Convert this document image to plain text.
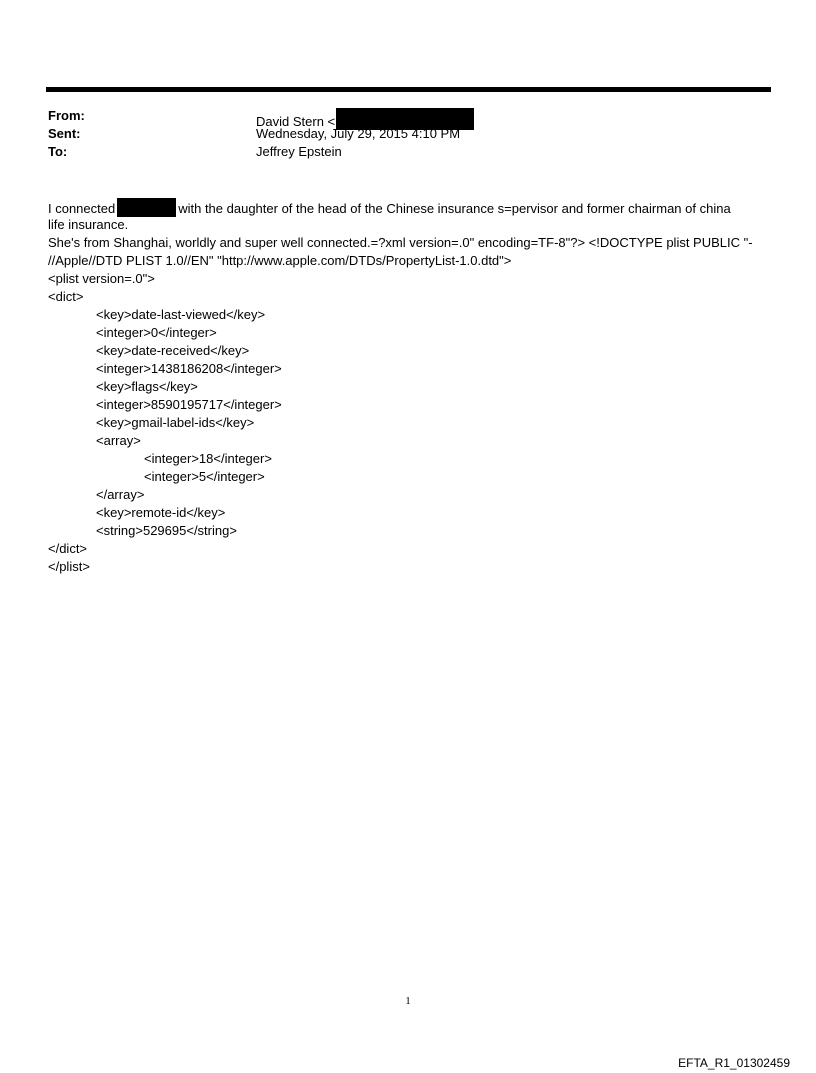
From:	David Stern <
Sent:	Wednesday, July 29, 2015 4:10 PM
To:	Jeffrey Epstein
I connected	with the daughter of the head of the Chinese insurance s=pervisor and former chairman of china
life insurance.
She's from Shanghai, worldly and super well connected.=?xml version=.0" encoding=TF-8"?> <!DOCTYPE plist PUBLIC "-
//Apple//DTD PLIST 1.0//EN" "http://www.apple.com/DTDs/PropertyList-1.0.dtd">
<plist version=.0">
<dict>
<key>date-last-viewed</key>
<integer>0</integer>
<key>date-received</key>
<integer>1438186208</integer>
<key>flags</key>
<integer>8590195717</integer>
<key>gmail-label-ids</key>
<array>
<integer>18</integer>
<integer>5</integer>
</array>
<key>remote-id</key>
<string>529695</string>
</dict>
</plist>
1
EFTA_R1_01302459
